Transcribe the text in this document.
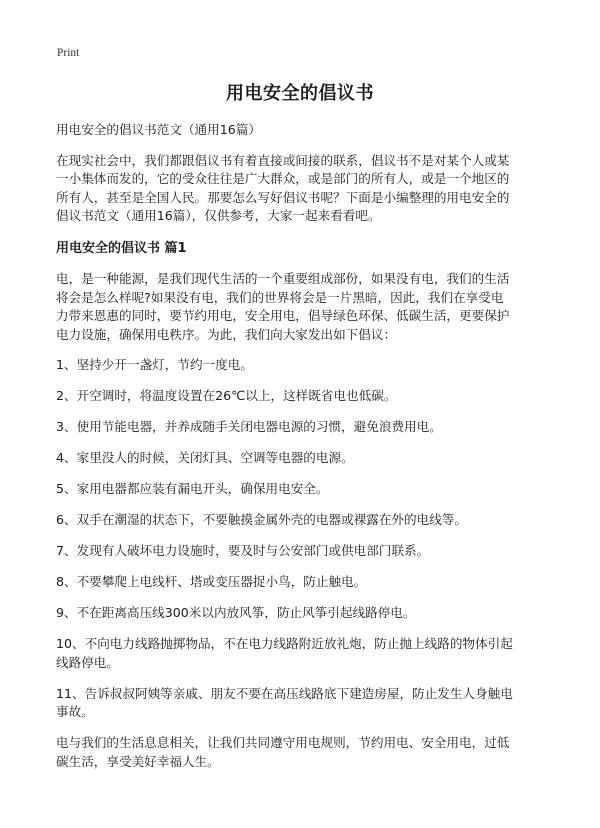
Print
用电安全的倡议书

用电安全的倡议书范文（通用16篇）

在现实社会中，我们都跟倡议书有着直接或间接的联系，倡议书不是对某个人或某
一小集体而发的，它的受众往往是广大群众，或是部门的所有人，或是一个地区的
所有人，甚至是全国人民。那要怎么写好倡议书呢？下面是小编整理的用电安全的
倡议书范文（通用16篇），仅供参考，大家一起来看看吧。

用电安全的倡议书 篇1

电，是一种能源，是我们现代生活的一个重要组成部份，如果没有电，我们的生活
将会是怎么样呢?如果没有电，我们的世界将会是一片黑暗，因此，我们在享受电
力带来恩惠的同时，要节约用电，安全用电，倡导绿色环保、低碳生活，更要保护
电力设施，确保用电秩序。为此，我们向大家发出如下倡议：

1、坚持少开一盏灯，节约一度电。

2、开空调时，将温度设置在26℃以上，这样既省电也低碳。

3、使用节能电器，并养成随手关闭电器电源的习惯，避免浪费用电。

4、家里没人的时候，关闭灯具、空调等电器的电源。

5、家用电器都应装有漏电开头，确保用电安全。

6、双手在潮湿的状态下，不要触摸金属外壳的电器或裸露在外的电线等。

7、发现有人破坏电力设施时，要及时与公安部门或供电部门联系。

8、不要攀爬上电线杆、塔或变压器捉小鸟，防止触电。

9、不在距离高压线300米以内放风筝，防止风筝引起线路停电。

10、不向电力线路抛掷物品，不在电力线路附近放礼炮，防止抛上线路的物体引起
线路停电。

11、告诉叔叔阿姨等亲戚、朋友不要在高压线路底下建造房屋，防止发生人身触电
事故。

电与我们的生活息息相关，让我们共同遵守用电规则，节约用电、安全用电，过低
碳生活，享受美好幸福人生。
